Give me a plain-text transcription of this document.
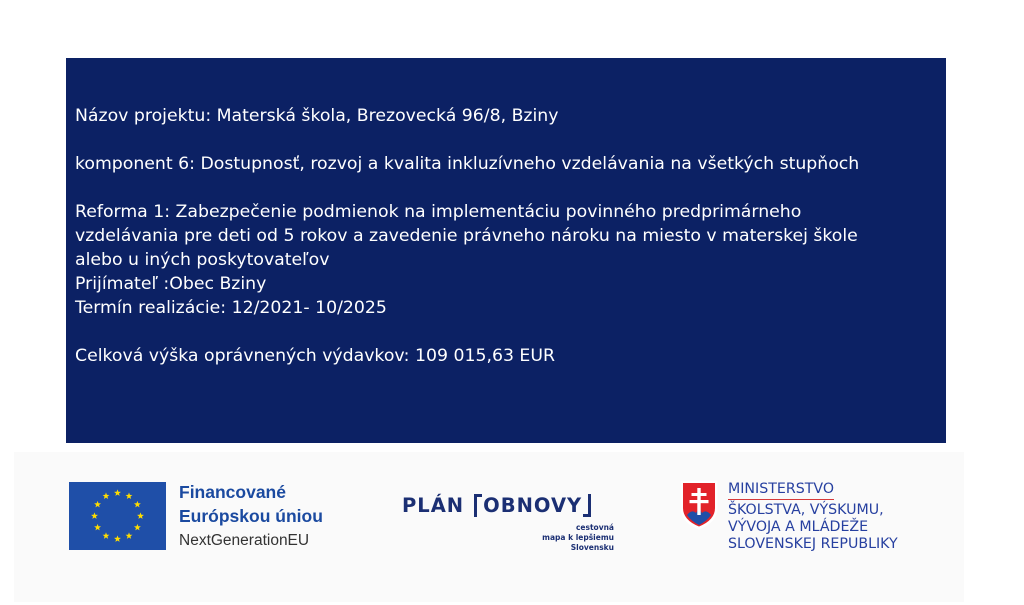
Názov projektu: Materská škola, Brezovecká 96/8, Bziny

komponent 6: Dostupnosť, rozvoj a kvalita inkluzívneho vzdelávania na všetkých stupňoch

Reforma 1: Zabezpečenie podmienok na implementáciu povinného predprimárneho

vzdelávania pre deti od 5 rokov a zavedenie právneho nároku na miesto v materskej škole

alebo u iných poskytovateľov

Prijímateľ :Obec Bziny

Termín realizácie: 12/2021- 10/2025

Celková výška oprávnených výdavkov: 109 015,63 EUR

Financované
Európskou úniou
NextGenerationEU
PLÁN OBNOVY
cestovná
mapa k lepšiemu
Slovensku
MINISTERSTVO
ŠKOLSTVA, VÝSKUMU,
VÝVOJA A MLÁDEŽE
SLOVENSKEJ REPUBLIKY
